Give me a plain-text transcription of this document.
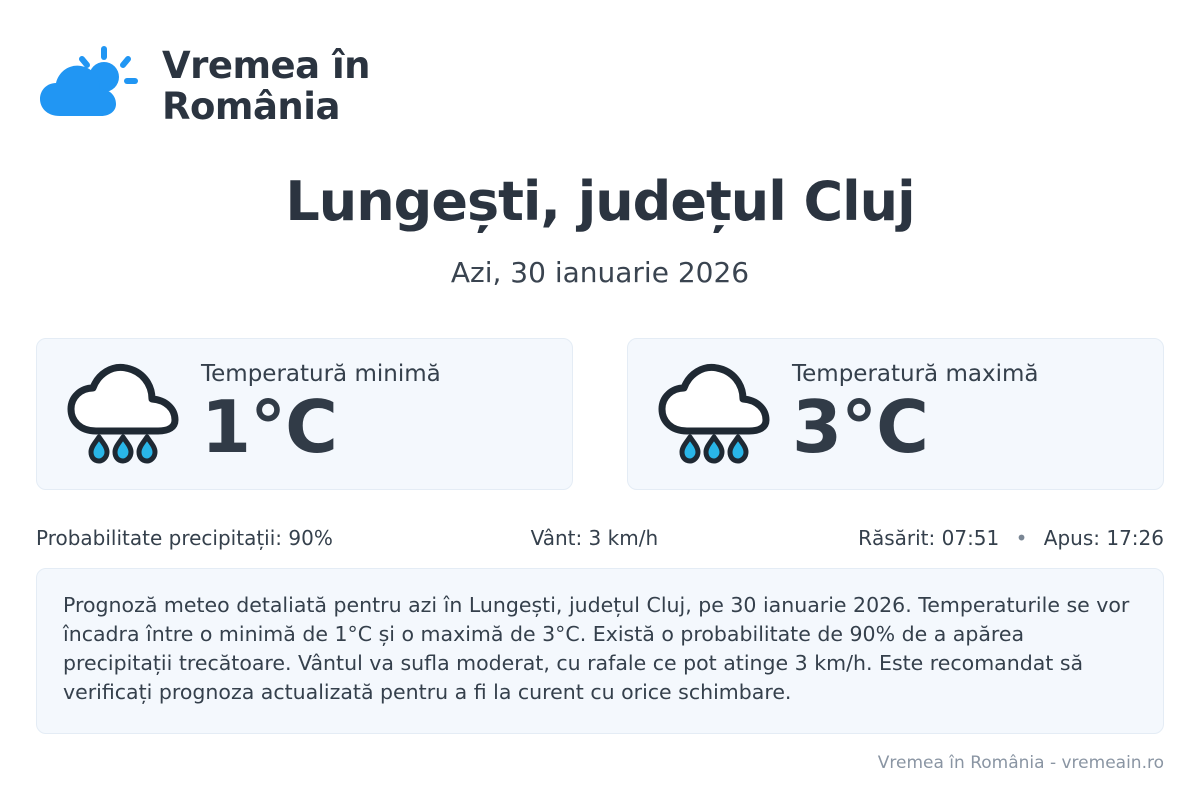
Vremea în România
Lungești, județul Cluj
Azi, 30 ianuarie 2026
Temperatură minimă
1°C
Temperatură maximă
3°C
Probabilitate precipitații: 90%	Vânt: 3 km/h	Răsărit: 07:51 • Apus: 17:26

Prognoză meteo detaliată pentru azi în Lungești, județul Cluj, pe 30 ianuarie 2026. Temperaturile se vor încadra între o minimă de 1°C și o maximă de 3°C. Există o probabilitate de 90% de a apărea precipitații trecătoare. Vântul va sufla moderat, cu rafale ce pot atinge 3 km/h. Este recomandat să verificați prognoza actualizată pentru a fi la curent cu orice schimbare.

Vremea în România - vremeain.ro
